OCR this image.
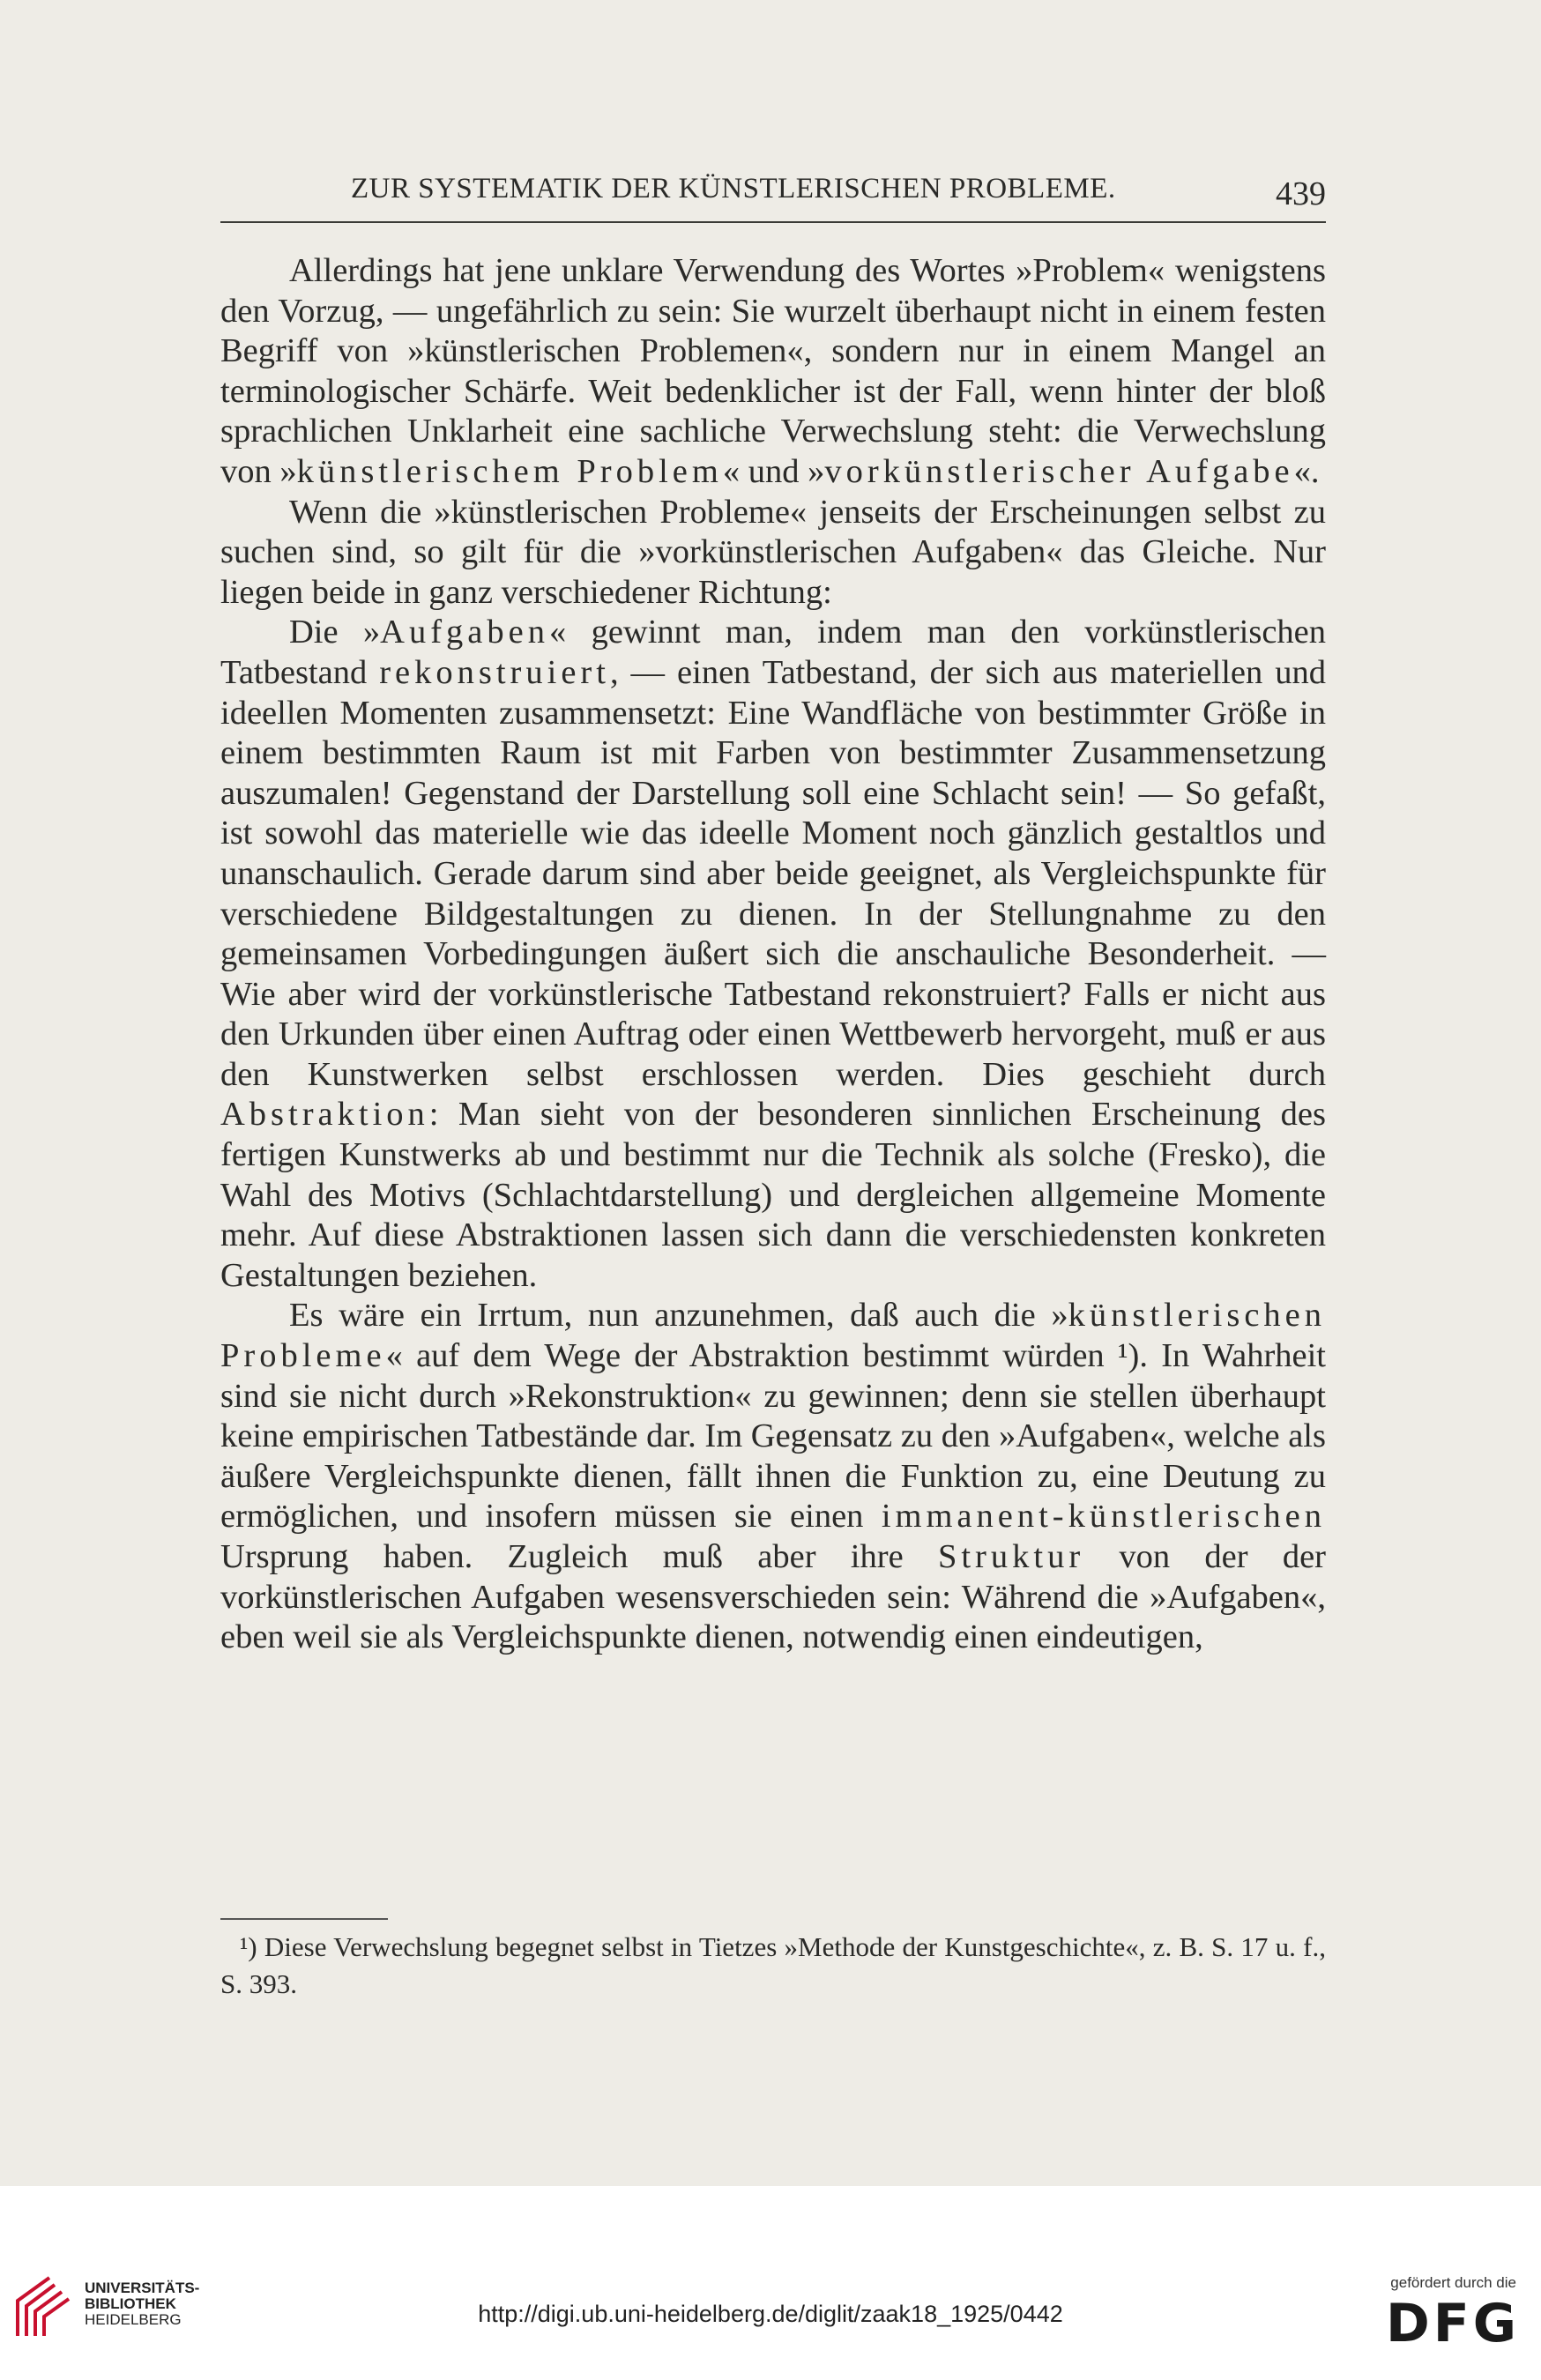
ZUR SYSTEMATIK DER KÜNSTLERISCHEN PROBLEME.	439

Allerdings hat jene unklare Verwendung des Wortes »Problem« wenigstens den Vorzug, — ungefährlich zu sein: Sie wurzelt überhaupt nicht in einem festen Begriff von »künstlerischen Problemen«, sondern nur in einem Mangel an terminologischer Schärfe. Weit bedenklicher ist der Fall, wenn hinter der bloß sprachlichen Unklarheit eine sachliche Verwechslung steht: die Verwechslung von »künstlerischem Problem« und »vorkünstlerischer Aufgabe«.

Wenn die »künstlerischen Probleme« jenseits der Erscheinungen selbst zu suchen sind, so gilt für die »vorkünstlerischen Aufgaben« das Gleiche. Nur liegen beide in ganz verschiedener Richtung:

Die »Aufgaben« gewinnt man, indem man den vorkünstlerischen Tatbestand rekonstruiert, — einen Tatbestand, der sich aus materiellen und ideellen Momenten zusammensetzt: Eine Wandfläche von bestimmter Größe in einem bestimmten Raum ist mit Farben von bestimmter Zusammensetzung auszumalen! Gegenstand der Darstellung soll eine Schlacht sein! — So gefaßt, ist sowohl das materielle wie das ideelle Moment noch gänzlich gestaltlos und unanschaulich. Gerade darum sind aber beide geeignet, als Vergleichspunkte für verschiedene Bildgestaltungen zu dienen. In der Stellungnahme zu den gemeinsamen Vorbedingungen äußert sich die anschauliche Besonderheit. — Wie aber wird der vorkünstlerische Tatbestand rekonstruiert? Falls er nicht aus den Urkunden über einen Auftrag oder einen Wettbewerb hervorgeht, muß er aus den Kunstwerken selbst erschlossen werden. Dies geschieht durch Abstraktion: Man sieht von der besonderen sinnlichen Erscheinung des fertigen Kunstwerks ab und bestimmt nur die Technik als solche (Fresko), die Wahl des Motivs (Schlachtdarstellung) und dergleichen allgemeine Momente mehr. Auf diese Abstraktionen lassen sich dann die verschiedensten konkreten Gestaltungen beziehen.

Es wäre ein Irrtum, nun anzunehmen, daß auch die »künstlerischen Probleme« auf dem Wege der Abstraktion bestimmt würden ¹). In Wahrheit sind sie nicht durch »Rekonstruktion« zu gewinnen; denn sie stellen überhaupt keine empirischen Tatbestände dar. Im Gegensatz zu den »Aufgaben«, welche als äußere Vergleichspunkte dienen, fällt ihnen die Funktion zu, eine Deutung zu ermöglichen, und insofern müssen sie einen immanent-künstlerischen Ursprung haben. Zugleich muß aber ihre Struktur von der der vorkünstlerischen Aufgaben wesensverschieden sein: Während die »Aufgaben«, eben weil sie als Vergleichspunkte dienen, notwendig einen eindeutigen,

¹) Diese Verwechslung begegnet selbst in Tietzes »Methode der Kunstgeschichte«, z. B. S. 17 u. f., S. 393.

UNIVERSITÄTS-
BIBLIOTHEK
HEIDELBERG	http://digi.ub.uni-heidelberg.de/diglit/zaak18_1925/0442
gefördert durch die
DFG
